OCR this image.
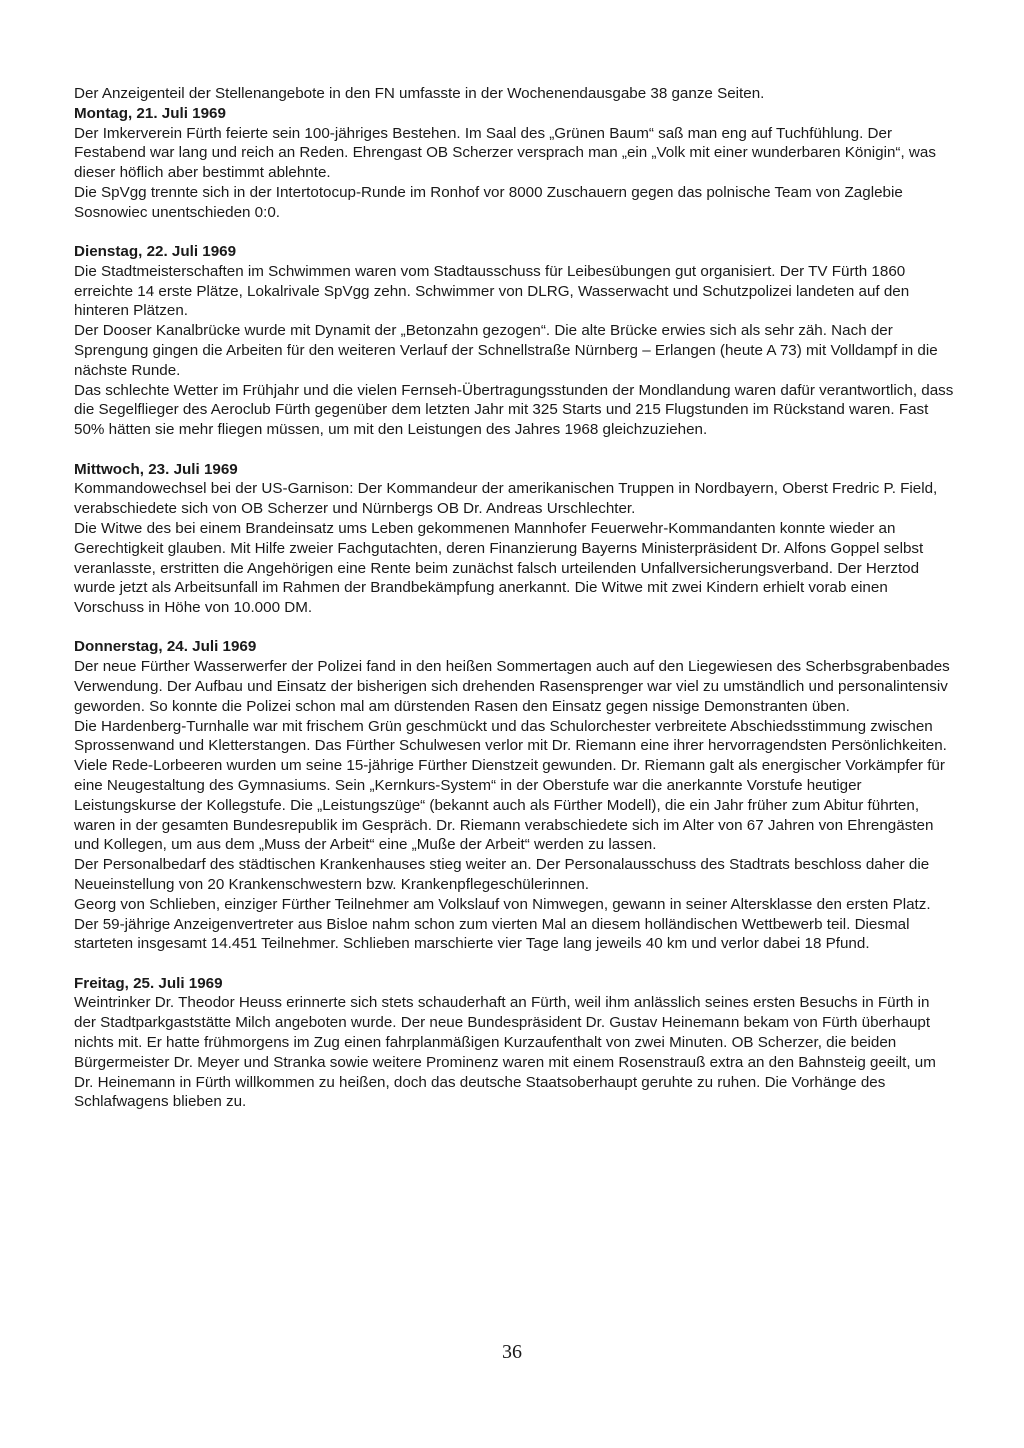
Der Anzeigenteil der Stellenangebote in den FN umfasste in der Wochenendausgabe 38 ganze Seiten.

Montag, 21. Juli 1969

Der Imkerverein Fürth feierte sein 100-jähriges Bestehen. Im Saal des „Grünen Baum“ saß man eng auf Tuchfühlung. Der Festabend war lang und reich an Reden. Ehrengast OB Scherzer versprach man „ein „Volk mit einer wunderbaren Königin“, was dieser höflich aber bestimmt ablehnte.

Die SpVgg trennte sich in der Intertotocup-Runde im Ronhof vor 8000 Zuschauern gegen das polnische Team von Zaglebie Sosnowiec unentschieden 0:0.

Dienstag, 22. Juli 1969

Die Stadtmeisterschaften im Schwimmen waren vom Stadtausschuss für Leibesübungen gut organisiert. Der TV Fürth 1860 erreichte 14 erste Plätze, Lokalrivale SpVgg zehn. Schwimmer von DLRG, Wasserwacht und Schutzpolizei landeten auf den hinteren Plätzen.

Der Dooser Kanalbrücke wurde mit Dynamit der „Betonzahn gezogen“. Die alte Brücke erwies sich als sehr zäh. Nach der Sprengung gingen die Arbeiten für den weiteren Verlauf der Schnellstraße Nürnberg – Erlangen (heute A 73) mit Volldampf in die nächste Runde.

Das schlechte Wetter im Frühjahr und die vielen Fernseh-Übertragungsstunden der Mondlandung waren dafür verantwortlich, dass die Segelflieger des Aeroclub Fürth gegenüber dem letzten Jahr mit 325 Starts und 215 Flugstunden im Rückstand waren. Fast 50% hätten sie mehr fliegen müssen, um mit den Leistungen des Jahres 1968 gleichzuziehen.

Mittwoch, 23. Juli 1969

Kommandowechsel bei der US-Garnison: Der Kommandeur der amerikanischen Truppen in Nordbayern, Oberst Fredric P. Field, verabschiedete sich von OB Scherzer und Nürnbergs OB Dr. Andreas Urschlechter.

Die Witwe des bei einem Brandeinsatz ums Leben gekommenen Mannhofer Feuerwehr-Kommandanten konnte wieder an Gerechtigkeit glauben. Mit Hilfe zweier Fachgutachten, deren Finanzierung Bayerns Ministerpräsident Dr. Alfons Goppel selbst veranlasste, erstritten die Angehörigen eine Rente beim zunächst falsch urteilenden Unfallversicherungsverband. Der Herztod wurde jetzt als Arbeitsunfall im Rahmen der Brandbekämpfung anerkannt. Die Witwe mit zwei Kindern erhielt vorab einen Vorschuss in Höhe von 10.000 DM.

Donnerstag, 24. Juli 1969

Der neue Fürther Wasserwerfer der Polizei fand in den heißen Sommertagen auch auf den Liegewiesen des Scherbsgrabenbades Verwendung. Der Aufbau und Einsatz der bisherigen sich drehenden Rasensprenger war viel zu umständlich und personalintensiv geworden. So konnte die Polizei schon mal am dürstenden Rasen den Einsatz gegen nissige Demonstranten üben.

Die Hardenberg-Turnhalle war mit frischem Grün geschmückt und das Schulorchester verbreitete Abschiedsstimmung zwischen Sprossenwand und Kletterstangen. Das Fürther Schulwesen verlor mit Dr. Riemann eine ihrer hervorragendsten Persönlichkeiten. Viele Rede-Lorbeeren wurden um seine 15-jährige Fürther Dienstzeit gewunden. Dr. Riemann galt als energischer Vorkämpfer für eine Neugestaltung des Gymnasiums. Sein „Kernkurs-System“ in der Oberstufe war die anerkannte Vorstufe heutiger Leistungskurse der Kollegstufe. Die „Leistungszüge“ (bekannt auch als Fürther Modell), die ein Jahr früher zum Abitur führten, waren in der gesamten Bundesrepublik im Gespräch. Dr. Riemann verabschiedete sich im Alter von 67 Jahren von Ehrengästen und Kollegen, um aus dem „Muss der Arbeit“ eine „Muße der Arbeit“ werden zu lassen.

Der Personalbedarf des städtischen Krankenhauses stieg weiter an. Der Personalausschuss des Stadtrats beschloss daher die Neueinstellung von 20 Krankenschwestern bzw. Krankenpflegeschülerinnen.

Georg von Schlieben, einziger Fürther Teilnehmer am Volkslauf von Nimwegen, gewann in seiner Altersklasse den ersten Platz. Der 59-jährige Anzeigenvertreter aus Bisloe nahm schon zum vierten Mal an diesem holländischen Wettbewerb teil. Diesmal starteten insgesamt 14.451 Teilnehmer. Schlieben marschierte vier Tage lang jeweils 40 km und verlor dabei 18 Pfund.

Freitag, 25. Juli 1969

Weintrinker Dr. Theodor Heuss erinnerte sich stets schauderhaft an Fürth, weil ihm anlässlich seines ersten Besuchs in Fürth in der Stadtparkgaststätte Milch angeboten wurde. Der neue Bundespräsident Dr. Gustav Heinemann bekam von Fürth überhaupt nichts mit. Er hatte frühmorgens im Zug einen fahrplanmäßigen Kurzaufenthalt von zwei Minuten. OB Scherzer, die beiden Bürgermeister Dr. Meyer und Stranka sowie weitere Prominenz waren mit einem Rosenstrauß extra an den Bahnsteig geeilt, um Dr. Heinemann in Fürth willkommen zu heißen, doch das deutsche Staatsoberhaupt geruhte zu ruhen. Die Vorhänge des Schlafwagens blieben zu.

36
